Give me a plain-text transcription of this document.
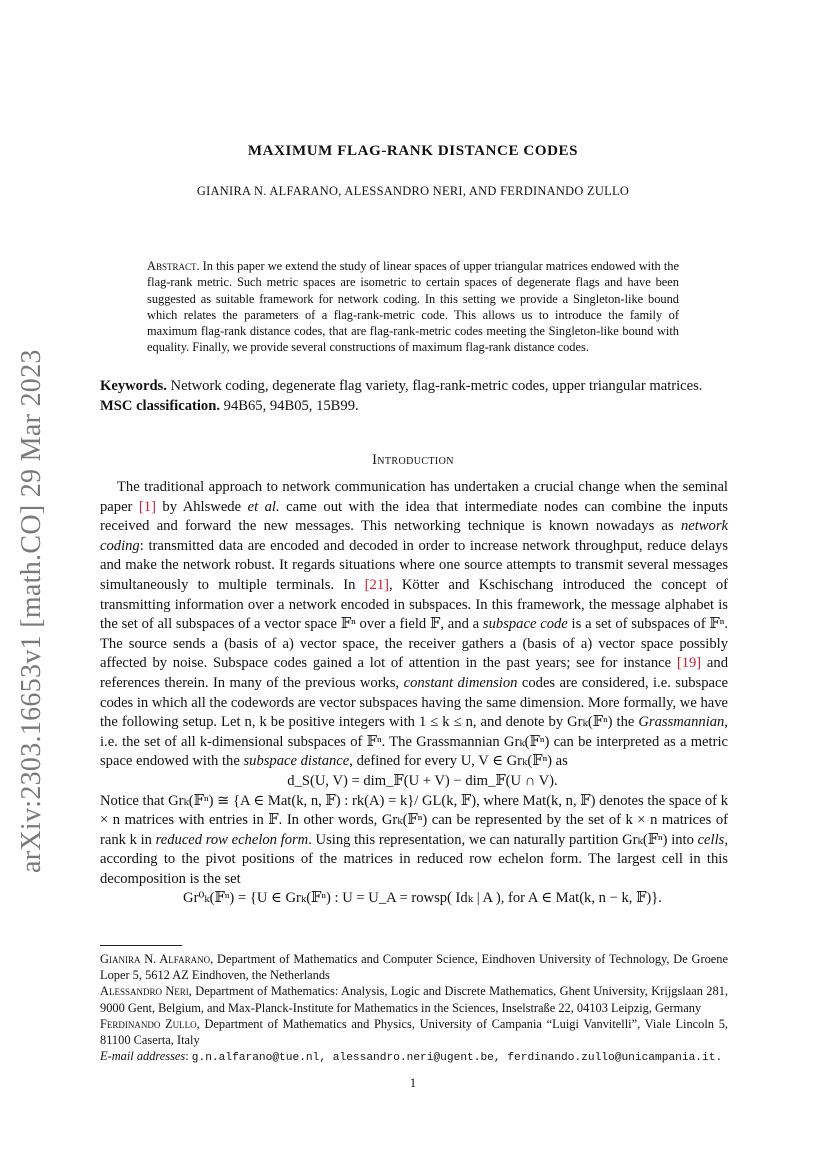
arXiv:2303.16653v1 [math.CO] 29 Mar 2023
MAXIMUM FLAG-RANK DISTANCE CODES
GIANIRA N. ALFARANO, ALESSANDRO NERI, AND FERDINANDO ZULLO
Abstract. In this paper we extend the study of linear spaces of upper triangular matrices endowed with the flag-rank metric. Such metric spaces are isometric to certain spaces of degenerate flags and have been suggested as suitable framework for network coding. In this setting we provide a Singleton-like bound which relates the parameters of a flag-rank-metric code. This allows us to introduce the family of maximum flag-rank distance codes, that are flag-rank-metric codes meeting the Singleton-like bound with equality. Finally, we provide several constructions of maximum flag-rank distance codes.
Keywords. Network coding, degenerate flag variety, flag-rank-metric codes, upper triangular matrices.
MSC classification. 94B65, 94B05, 15B99.
Introduction

The traditional approach to network communication has undertaken a crucial change when the seminal paper [1] by Ahlswede et al. came out with the idea that intermediate nodes can combine the inputs received and forward the new messages. This networking technique is known nowadays as network coding: transmitted data are encoded and decoded in order to increase network throughput, reduce delays and make the network robust. It regards situations where one source attempts to transmit several messages simultaneously to multiple terminals. In [21], Kötter and Kschischang introduced the concept of transmitting information over a network encoded in subspaces. In this framework, the message alphabet is the set of all subspaces of a vector space 𝔽ⁿ over a field 𝔽, and a subspace code is a set of subspaces of 𝔽ⁿ. The source sends a (basis of a) vector space, the receiver gathers a (basis of a) vector space possibly affected by noise. Subspace codes gained a lot of attention in the past years; see for instance [19] and references therein. In many of the previous works, constant dimension codes are considered, i.e. subspace codes in which all the codewords are vector subspaces having the same dimension. More formally, we have the following setup. Let n, k be positive integers with 1 ≤ k ≤ n, and denote by Grₖ(𝔽ⁿ) the Grassmannian, i.e. the set of all k-dimensional subspaces of 𝔽ⁿ. The Grassmannian Grₖ(𝔽ⁿ) can be interpreted as a metric space endowed with the subspace distance, defined for every U, V ∈ Grₖ(𝔽ⁿ) as

d_S(U, V) = dim_𝔽(U + V) − dim_𝔽(U ∩ V).

Notice that Grₖ(𝔽ⁿ) ≅ {A ∈ Mat(k, n, 𝔽) : rk(A) = k}/ GL(k, 𝔽), where Mat(k, n, 𝔽) denotes the space of k × n matrices with entries in 𝔽. In other words, Grₖ(𝔽ⁿ) can be represented by the set of k × n matrices of rank k in reduced row echelon form. Using this representation, we can naturally partition Grₖ(𝔽ⁿ) into cells, according to the pivot positions of the matrices in reduced row echelon form. The largest cell in this decomposition is the set

Gr⁰ₖ(𝔽ⁿ) = {U ∈ Grₖ(𝔽ⁿ) : U = U_A = rowsp( Idₖ | A ), for A ∈ Mat(k, n − k, 𝔽)}.

Gianira N. Alfarano, Department of Mathematics and Computer Science, Eindhoven University of Technology, De Groene Loper 5, 5612 AZ Eindhoven, the Netherlands

Alessandro Neri, Department of Mathematics: Analysis, Logic and Discrete Mathematics, Ghent University, Krijgslaan 281, 9000 Gent, Belgium, and Max-Planck-Institute for Mathematics in the Sciences, Inselstraße 22, 04103 Leipzig, Germany

Ferdinando Zullo, Department of Mathematics and Physics, University of Campania “Luigi Vanvitelli”, Viale Lincoln 5, 81100 Caserta, Italy

E-mail addresses: g.n.alfarano@tue.nl, alessandro.neri@ugent.be, ferdinando.zullo@unicampania.it.

1
